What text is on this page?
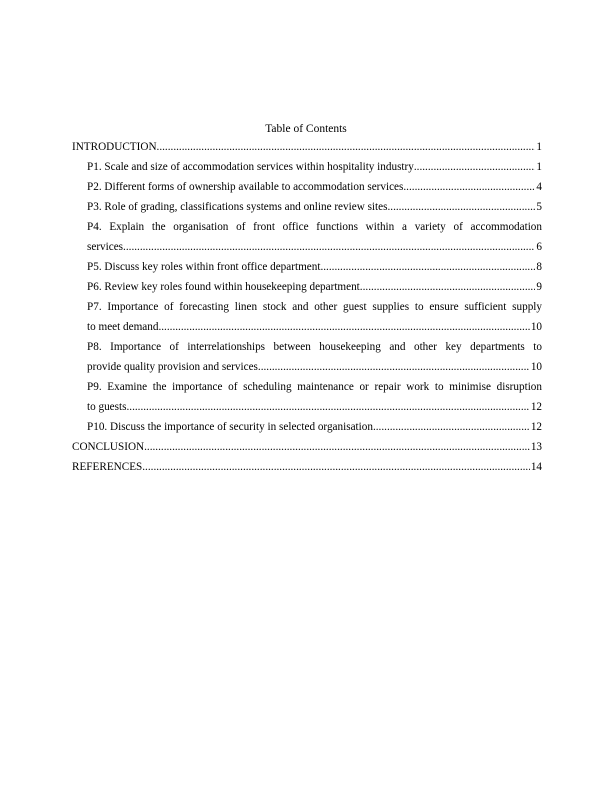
Table of Contents
INTRODUCTION .....	1
P1. Scale and size of accommodation services within hospitality industry .....	1
P2. Different forms of ownership available to accommodation services .....	4
P3. Role of grading, classifications systems and online review sites .....	5
P4. Explain the organisation of front office functions within a variety of accommodation
services .....	6
P5. Discuss key roles within front office department .....	8
P6. Review key roles found within housekeeping department .....	9
P7. Importance of forecasting linen stock and other guest supplies to ensure sufficient supply
to meet demand .....	10
P8. Importance of interrelationships between housekeeping and other key departments to
provide quality provision and services .....	10
P9. Examine the importance of scheduling maintenance or repair work to minimise disruption
to guests .....	12
P10. Discuss the importance of security in selected organisation .....	12
CONCLUSION .....	13
REFERENCES .....	14
